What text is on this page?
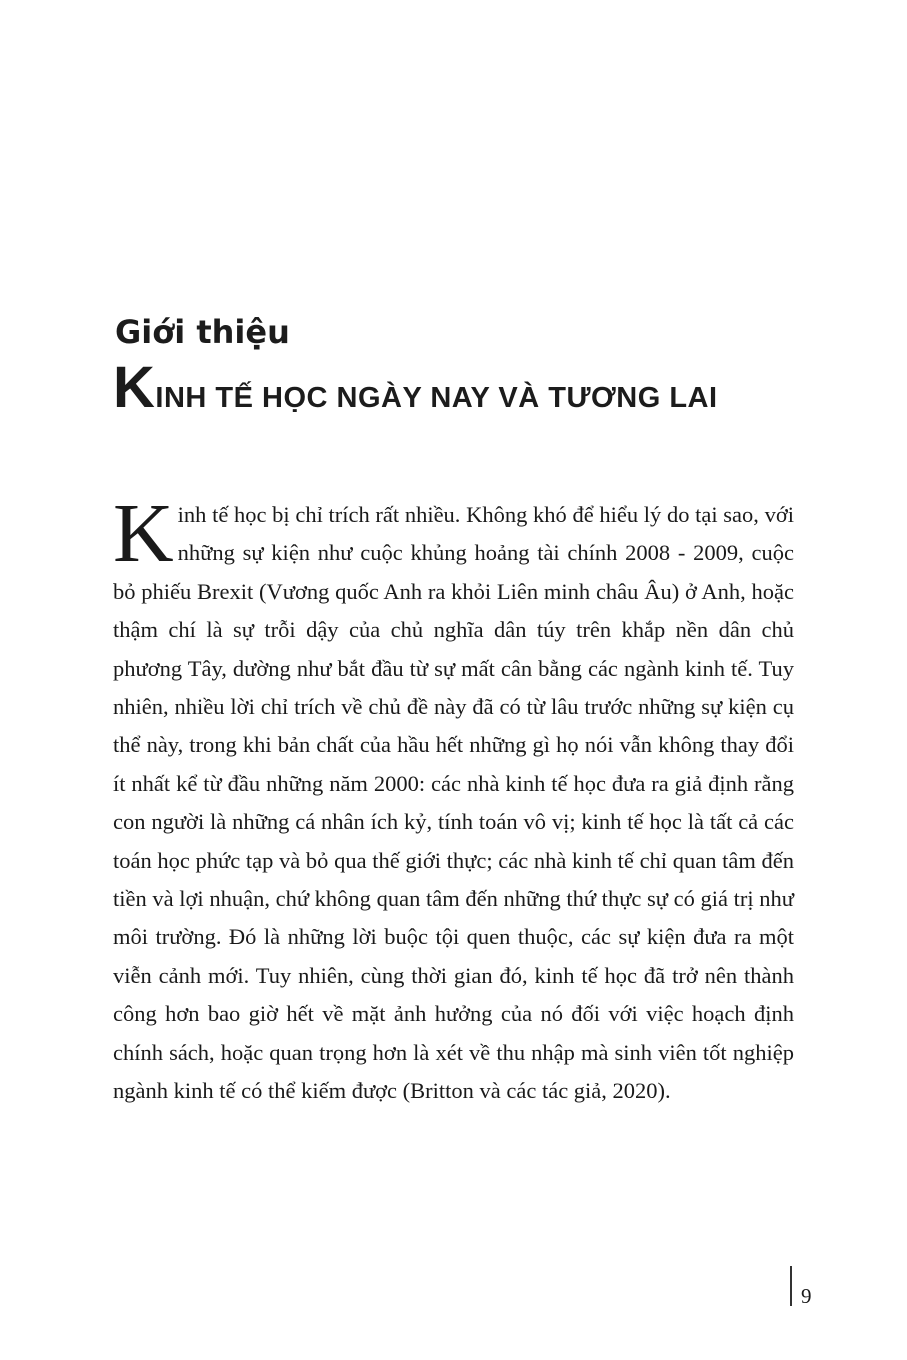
Giới thiệu
KINH TẾ HỌC NGÀY NAY VÀ TƯƠNG LAI

Kinh tế học bị chỉ trích rất nhiều. Không khó để hiểu lý do tại sao, với những sự kiện như cuộc khủng hoảng tài chính 2008 - 2009, cuộc bỏ phiếu Brexit (Vương quốc Anh ra khỏi Liên minh châu Âu) ở Anh, hoặc thậm chí là sự trỗi dậy của chủ nghĩa dân túy trên khắp nền dân chủ phương Tây, dường như bắt đầu từ sự mất cân bằng các ngành kinh tế. Tuy nhiên, nhiều lời chỉ trích về chủ đề này đã có từ lâu trước những sự kiện cụ thể này, trong khi bản chất của hầu hết những gì họ nói vẫn không thay đổi ít nhất kể từ đầu những năm 2000: các nhà kinh tế học đưa ra giả định rằng con người là những cá nhân ích kỷ, tính toán vô vị; kinh tế học là tất cả các toán học phức tạp và bỏ qua thế giới thực; các nhà kinh tế chỉ quan tâm đến tiền và lợi nhuận, chứ không quan tâm đến những thứ thực sự có giá trị như môi trường. Đó là những lời buộc tội quen thuộc, các sự kiện đưa ra một viễn cảnh mới. Tuy nhiên, cùng thời gian đó, kinh tế học đã trở nên thành công hơn bao giờ hết về mặt ảnh hưởng của nó đối với việc hoạch định chính sách, hoặc quan trọng hơn là xét về thu nhập mà sinh viên tốt nghiệp ngành kinh tế có thể kiếm được (Britton và các tác giả, 2020).

9
